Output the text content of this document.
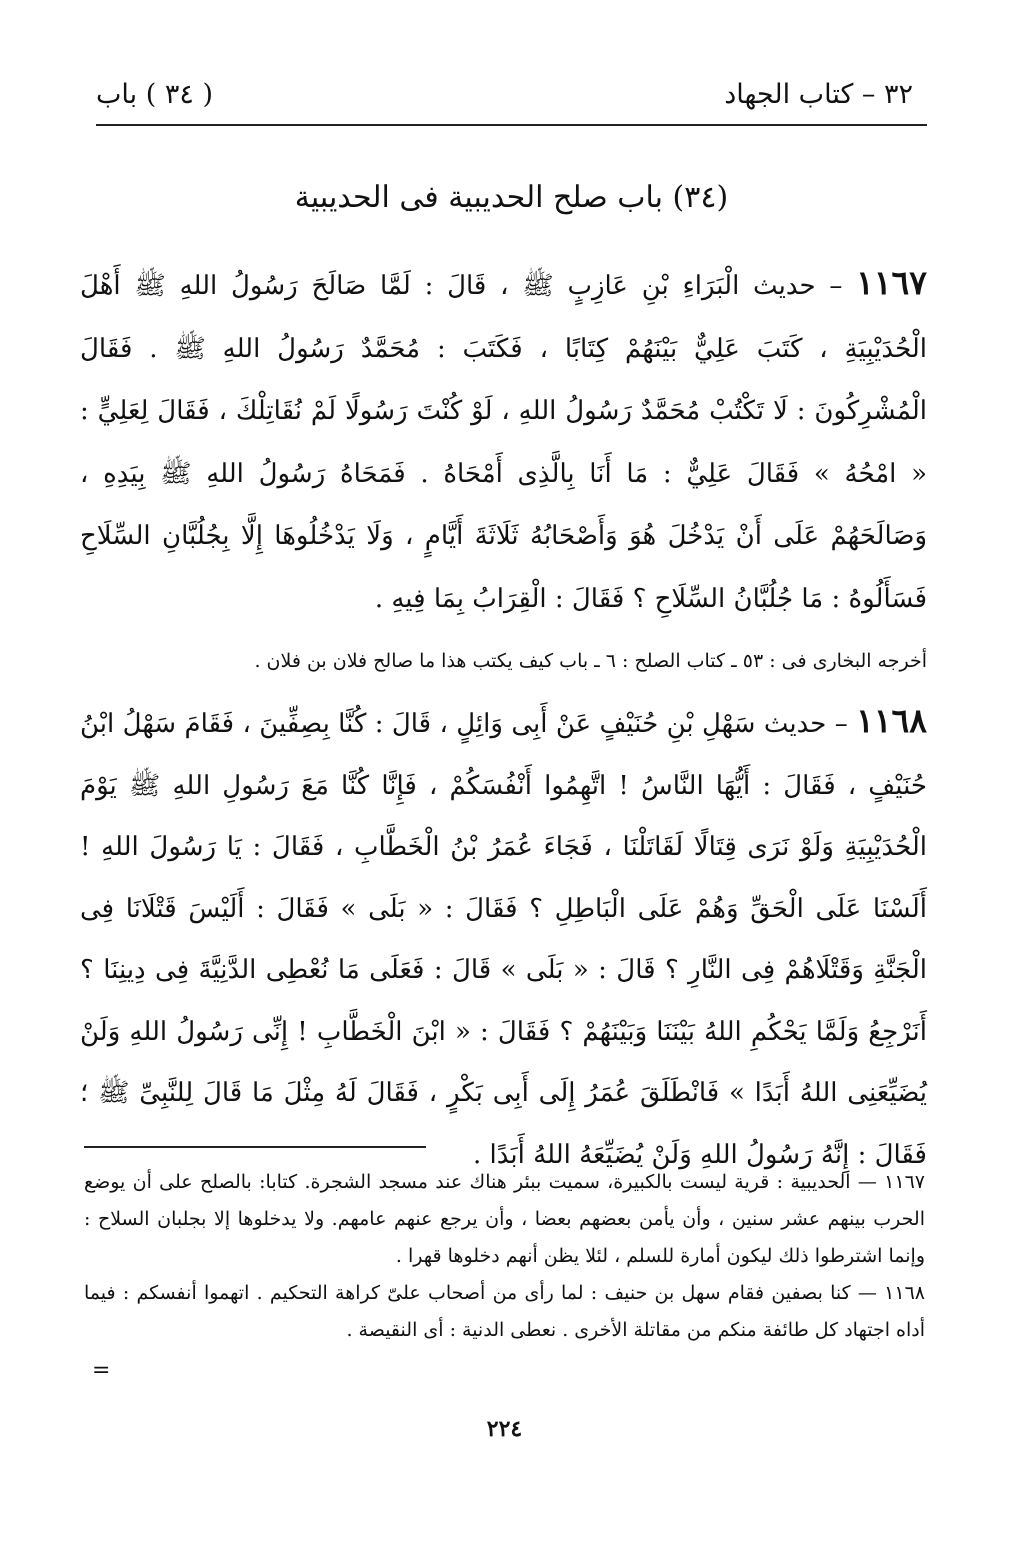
٣٢ – كتاب الجهاد
( ٣٤ ) باب
(٣٤) باب صلح الحديبية فى الحديبية
١١٦٧ – حديث الْبَرَاءِ بْنِ عَازِبٍ ﷺ ، قَالَ : لَمَّا صَالَحَ رَسُولُ اللهِ ﷺ أَهْلَ الْحُدَيْبِيَةِ ، كَتَبَ عَلِيٌّ بَيْنَهُمْ كِتَابًا ، فَكَتَبَ : مُحَمَّدٌ رَسُولُ اللهِ ﷺ . فَقَالَ الْمُشْرِكُونَ : لَا تَكْتُبْ مُحَمَّدٌ رَسُولُ اللهِ ، لَوْ كُنْتَ رَسُولًا لَمْ نُقَاتِلْكَ ، فَقَالَ لِعَلِيٍّ : « امْحُهُ » فَقَالَ عَلِيٌّ : مَا أَنَا بِالَّذِى أَمْحَاهُ . فَمَحَاهُ رَسُولُ اللهِ ﷺ بِيَدِهِ ، وَصَالَحَهُمْ عَلَى أَنْ يَدْخُلَ هُوَ وَأَصْحَابُهُ ثَلَاثَةَ أَيَّامٍ ، وَلَا يَدْخُلُوهَا إِلَّا بِجُلُبَّانِ السِّلَاحِ فَسَأَلُوهُ : مَا جُلُبَّانُ السِّلَاحِ ؟ فَقَالَ : الْقِرَابُ بِمَا فِيهِ .
أخرجه البخارى فى : ٥٣ ـ كتاب الصلح : ٦ ـ باب كيف يكتب هذا ما صالح فلان بن فلان .
١١٦٨ – حديث سَهْلِ بْنِ حُنَيْفٍ عَنْ أَبِى وَائِلٍ ، قَالَ : كُنَّا بِصِفِّينَ ، فَقَامَ سَهْلُ ابْنُ حُنَيْفٍ ، فَقَالَ : أَيُّهَا النَّاسُ ! اتَّهِمُوا أَنْفُسَكُمْ ، فَإِنَّا كُنَّا مَعَ رَسُولِ اللهِ ﷺ يَوْمَ الْحُدَيْبِيَةِ وَلَوْ نَرَى قِتَالًا لَقَاتَلْنَا ، فَجَاءَ عُمَرُ بْنُ الْخَطَّابِ ، فَقَالَ : يَا رَسُولَ اللهِ ! أَلَسْنَا عَلَى الْحَقِّ وَهُمْ عَلَى الْبَاطِلِ ؟ فَقَالَ : « بَلَى » فَقَالَ : أَلَيْسَ قَتْلَانَا فِى الْجَنَّةِ وَقَتْلَاهُمْ فِى النَّارِ ؟ قَالَ : « بَلَى » قَالَ : فَعَلَى مَا نُعْطِى الدَّنِيَّةَ فِى دِينِنَا ؟ أَنَرْجِعُ وَلَمَّا يَحْكُمِ اللهُ بَيْنَنَا وَبَيْنَهُمْ ؟ فَقَالَ : « ابْنَ الْخَطَّابِ ! إِنِّى رَسُولُ اللهِ وَلَنْ يُضَيِّعَنِى اللهُ أَبَدًا » فَانْطَلَقَ عُمَرُ إِلَى أَبِى بَكْرٍ ، فَقَالَ لَهُ مِثْلَ مَا قَالَ لِلنَّبِىِّ ﷺ ؛ فَقَالَ : إِنَّهُ رَسُولُ اللهِ وَلَنْ يُضَيِّعَهُ اللهُ أَبَدًا .

١١٦٧ — الحديبية : قرية ليست بالكبيرة، سميت ببئر هناك عند مسجد الشجرة. كتابا: بالصلح على أن يوضع الحرب بينهم عشر سنين ، وأن يأمن بعضهم بعضا ، وأن يرجع عنهم عامهم. ولا يدخلوها إلا بجلبان السلاح : وإنما اشترطوا ذلك ليكون أمارة للسلم ، لئلا يظن أنهم دخلوها قهرا .

١١٦٨ — كنا بصفين فقام سهل بن حنيف : لما رأى من أصحاب علىّ كراهة التحكيم . اتهموا أنفسكم : فيما أداه اجتهاد كل طائفة منكم من مقاتلة الأخرى . نعطى الدنية : أى النقيصة .

=
٢٢٤
